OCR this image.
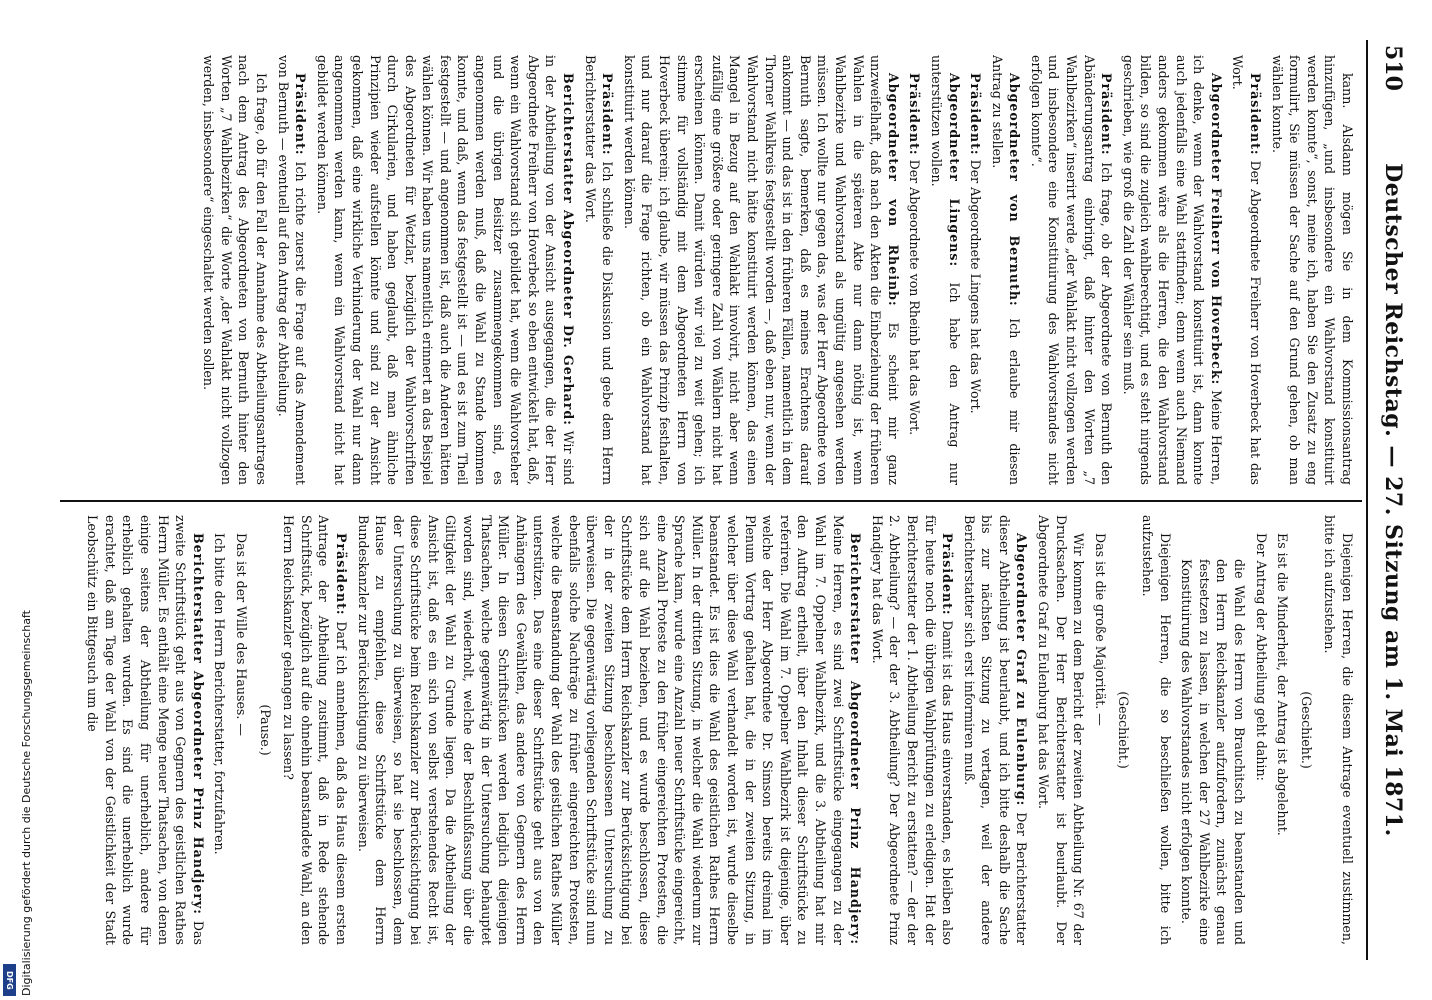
510
Deutscher Reichstag. — 27. Sitzung am 1. Mai 1871.

kann. Alsdann mögen Sie in dem Kommissionsantrag hinzufügen, „und insbesondere ein Wahlvorstand konstituirt werden konnte“, sonst, meine ich, haben Sie den Zusatz zu eng formulirt, Sie müssen der Sache auf den Grund gehen, ob man wählen konnte.

Präsident: Der Abgeordnete Freiherr von Hoverbeck hat das Wort.

Abgeordneter Freiherr von Hoverbeck: Meine Herren, ich denke, wenn der Wahlvorstand konstituirt ist, dann konnte auch jedenfalls eine Wahl stattfinden; denn wenn auch Niemand anders gekommen wäre als die Herren, die den Wahlvorstand bilden, so sind die zugleich wahlberechtigt, und es steht nirgends geschrieben, wie groß die Zahl der Wähler sein muß.

Präsident: Ich frage, ob der Abgeordnete von Bernuth den Abänderungsantrag einbringt, daß hinter den Worten „7 Wahlbezirken“ inserirt werde „der Wahlakt nicht vollzogen werden und insbesondere eine Konstituirung des Wahlvorstandes nicht erfolgen konnte“.

Abgeordneter von Bernuth: Ich erlaube mir diesen Antrag zu stellen.

Präsident: Der Abgeordnete Lingens hat das Wort.

Abgeordneter Lingens: Ich habe den Antrag nur unterstützen wollen.

Präsident: Der Abgeordnete von Rheinb hat das Wort.

Abgeordneter von Rheinb: Es scheint mir ganz unzweifelhaft, daß nach den Akten die Einbeziehung der früheren Wahlen in die späteren Akte nur dann nöthig ist, wenn Wahlbezirke und Wahlvorstand als ungültig angesehen werden müssen. Ich wollte nur gegen das, was der Herr Abgeordnete von Bernuth sagte, bemerken, daß es meines Erachtens darauf ankommt — und das ist in den früheren Fällen, namentlich in dem Thorner Wahlkreis festgestellt worden —, daß eben nur, wenn der Wahlvorstand nicht hätte konstituirt werden können, das einen Mangel in Bezug auf den Wahlakt involvirt, nicht aber wenn zufällig eine größere oder geringere Zahl von Wählern nicht hat erscheinen können. Damit würden wir viel zu weit gehen; ich stimme für vollständig mit dem Abgeordneten Herrn von Hoverbeck überein; ich glaube, wir müssen das Prinzip festhalten, und nur darauf die Frage richten, ob ein Wahlvorstand hat konstituirt werden können.

Präsident: Ich schließe die Diskussion und gebe dem Herrn Berichterstatter das Wort.

Berichterstatter Abgeordneter Dr. Gerhard: Wir sind in der Abtheilung von der Ansicht ausgegangen, die der Herr Abgeordnete Freiherr von Hoverbeck so eben entwickelt hat, daß, wenn ein Wahlvorstand sich gebildet hat, wenn die Wahlvorsteher und die übrigen Beisitzer zusammengekommen sind, es angenommen werden muß, daß die Wahl zu Stande kommen konnte, und daß, wenn das festgestellt ist — und es ist zum Theil festgestellt — und angenommen ist, daß auch die Anderen hätten wählen können. Wir haben uns namentlich erinnert an das Beispiel des Abgeordneten für Wetzlar, bezüglich der Wahlvorschriften durch Cirkularien, und haben geglaubt, daß man ähnliche Prinzipien wieder aufstellen könnte und sind zu der Ansicht gekommen, daß eine wirkliche Verhinderung der Wahl nur dann angenommen werden kann, wenn ein Wahlvorstand nicht hat gebildet werden können.

Präsident: Ich richte zuerst die Frage auf das Amendement von Bernuth — eventuell auf den Antrag der Abtheilung.

Ich frage, ob für den Fall der Annahme des Abtheilungsantrages nach dem Antrag des Abgeordneten von Bernuth hinter den Worten „7 Wahlbezirken“ die Worte „der Wahlakt nicht vollzogen werden, insbesondere“ eingeschaltet werden sollen.

Diejenigen Herren, die diesem Antrage eventuell zustimmen, bitte ich aufzustehen.

(Geschieht.)

Es ist die Minderheit, der Antrag ist abgelehnt.

Der Antrag der Abtheilung geht dahin:

die Wahl des Herrn von Brauchitsch zu beanstanden und den Herrn Reichskanzler aufzufordern, zunächst genau festsetzen zu lassen, in welchen der 27 Wahlbezirke eine Konstituirung des Wahlvorstandes nicht erfolgen konnte.

Diejenigen Herren, die so beschließen wollen, bitte ich aufzustehen.

(Geschieht.)

Das ist die große Majorität. —

Wir kommen zu dem Bericht der zweiten Abtheilung Nr. 67 der Drucksachen. Der Herr Berichterstatter ist beurlaubt. Der Abgeordnete Graf zu Eulenburg hat das Wort.

Abgeordneter Graf zu Eulenburg: Der Berichterstatter dieser Abtheilung ist beurlaubt, und ich bitte deshalb die Sache bis zur nächsten Sitzung zu vertagen, weil der andere Berichterstatter sich erst informiren muß.

Präsident: Damit ist das Haus einverstanden, es bleiben also für heute noch die übrigen Wahlprüfungen zu erledigen. Hat der Berichterstatter der 1. Abtheilung Bericht zu erstatten? — der der 2. Abtheilung? — der der 3. Abtheilung? Der Abgeordnete Prinz Handjery hat das Wort.

Berichterstatter Abgeordneter Prinz Handjery: Meine Herren, es sind zwei Schriftstücke eingegangen zu der Wahl im 7. Oppelner Wahlbezirk, und die 3. Abtheilung hat mir den Auftrag ertheilt, über den Inhalt dieser Schriftstücke zu referiren. Die Wahl im 7. Oppelner Wahlbezirk ist diejenige, über welche der Herr Abgeordnete Dr. Simson bereits dreimal im Plenum Vortrag gehalten hat, die in der zweiten Sitzung, in welcher über diese Wahl verhandelt worden ist, wurde dieselbe beanstandet. Es ist dies die Wahl des geistlichen Rathes Herrn Müller. In der dritten Sitzung, in welcher die Wahl wiederum zur Sprache kam, wurde eine Anzahl neuer Schriftstücke eingereicht, eine Anzahl Proteste zu den früher eingereichten Protesten, die sich auf die Wahl beziehen, und es wurde beschlossen, diese Schriftstücke dem Herrn Reichskanzler zur Berücksichtigung bei der in der zweiten Sitzung beschlossenen Untersuchung zu überweisen. Die gegenwärtig vorliegenden Schriftstücke sind nun ebenfalls solche Nachträge zu früher eingereichten Protesten, welche die Beanstandung der Wahl des geistlichen Rathes Müller unterstützen. Das eine dieser Schriftstücke geht aus von den Anhängern des Gewählten, das andere von Gegnern des Herrn Müller. In diesen Schriftstücken werden lediglich diejenigen Thatsachen, welche gegenwärtig in der Untersuchung behauptet worden sind, wiederholt, welche der Beschlußfassung über die Giltigkeit der Wahl zu Grunde liegen. Da die Abtheilung der Ansicht ist, daß es ein sich von selbst verstehendes Recht ist, diese Schriftstücke beim Reichskanzler zur Berücksichtigung bei der Untersuchung zu überweisen, so hat sie beschlossen, dem Hause zu empfehlen, diese Schriftstücke dem Herrn Bundeskanzler zur Berücksichtigung zu überweisen.

Präsident: Darf ich annehmen, daß das Haus diesem ersten Antrage der Abtheilung zustimmt, daß in Rede stehende Schriftstück, bezüglich auf die ohnehin beanstandete Wahl, an den Herrn Reichskanzler gelangen zu lassen?

(Pause.)

Das ist der Wille des Hauses. —

Ich bitte den Herrn Berichterstatter, fortzufahren.

Berichterstatter Abgeordneter Prinz Handjery: Das zweite Schriftstück geht aus von Gegnern des geistlichen Rathes Herrn Müller. Es enthält eine Menge neuer Thatsachen, von denen einige seitens der Abtheilung für unerheblich, andere für erheblich gehalten wurden. Es sind die unerheblich wurde erachtet, daß am Tage der Wahl von der Geistlichkeit der Stadt Leobschütz ein Bittgesuch um die

DFG Digitalisierung gefördert durch die Deutsche Forschungsgemeinschaft
